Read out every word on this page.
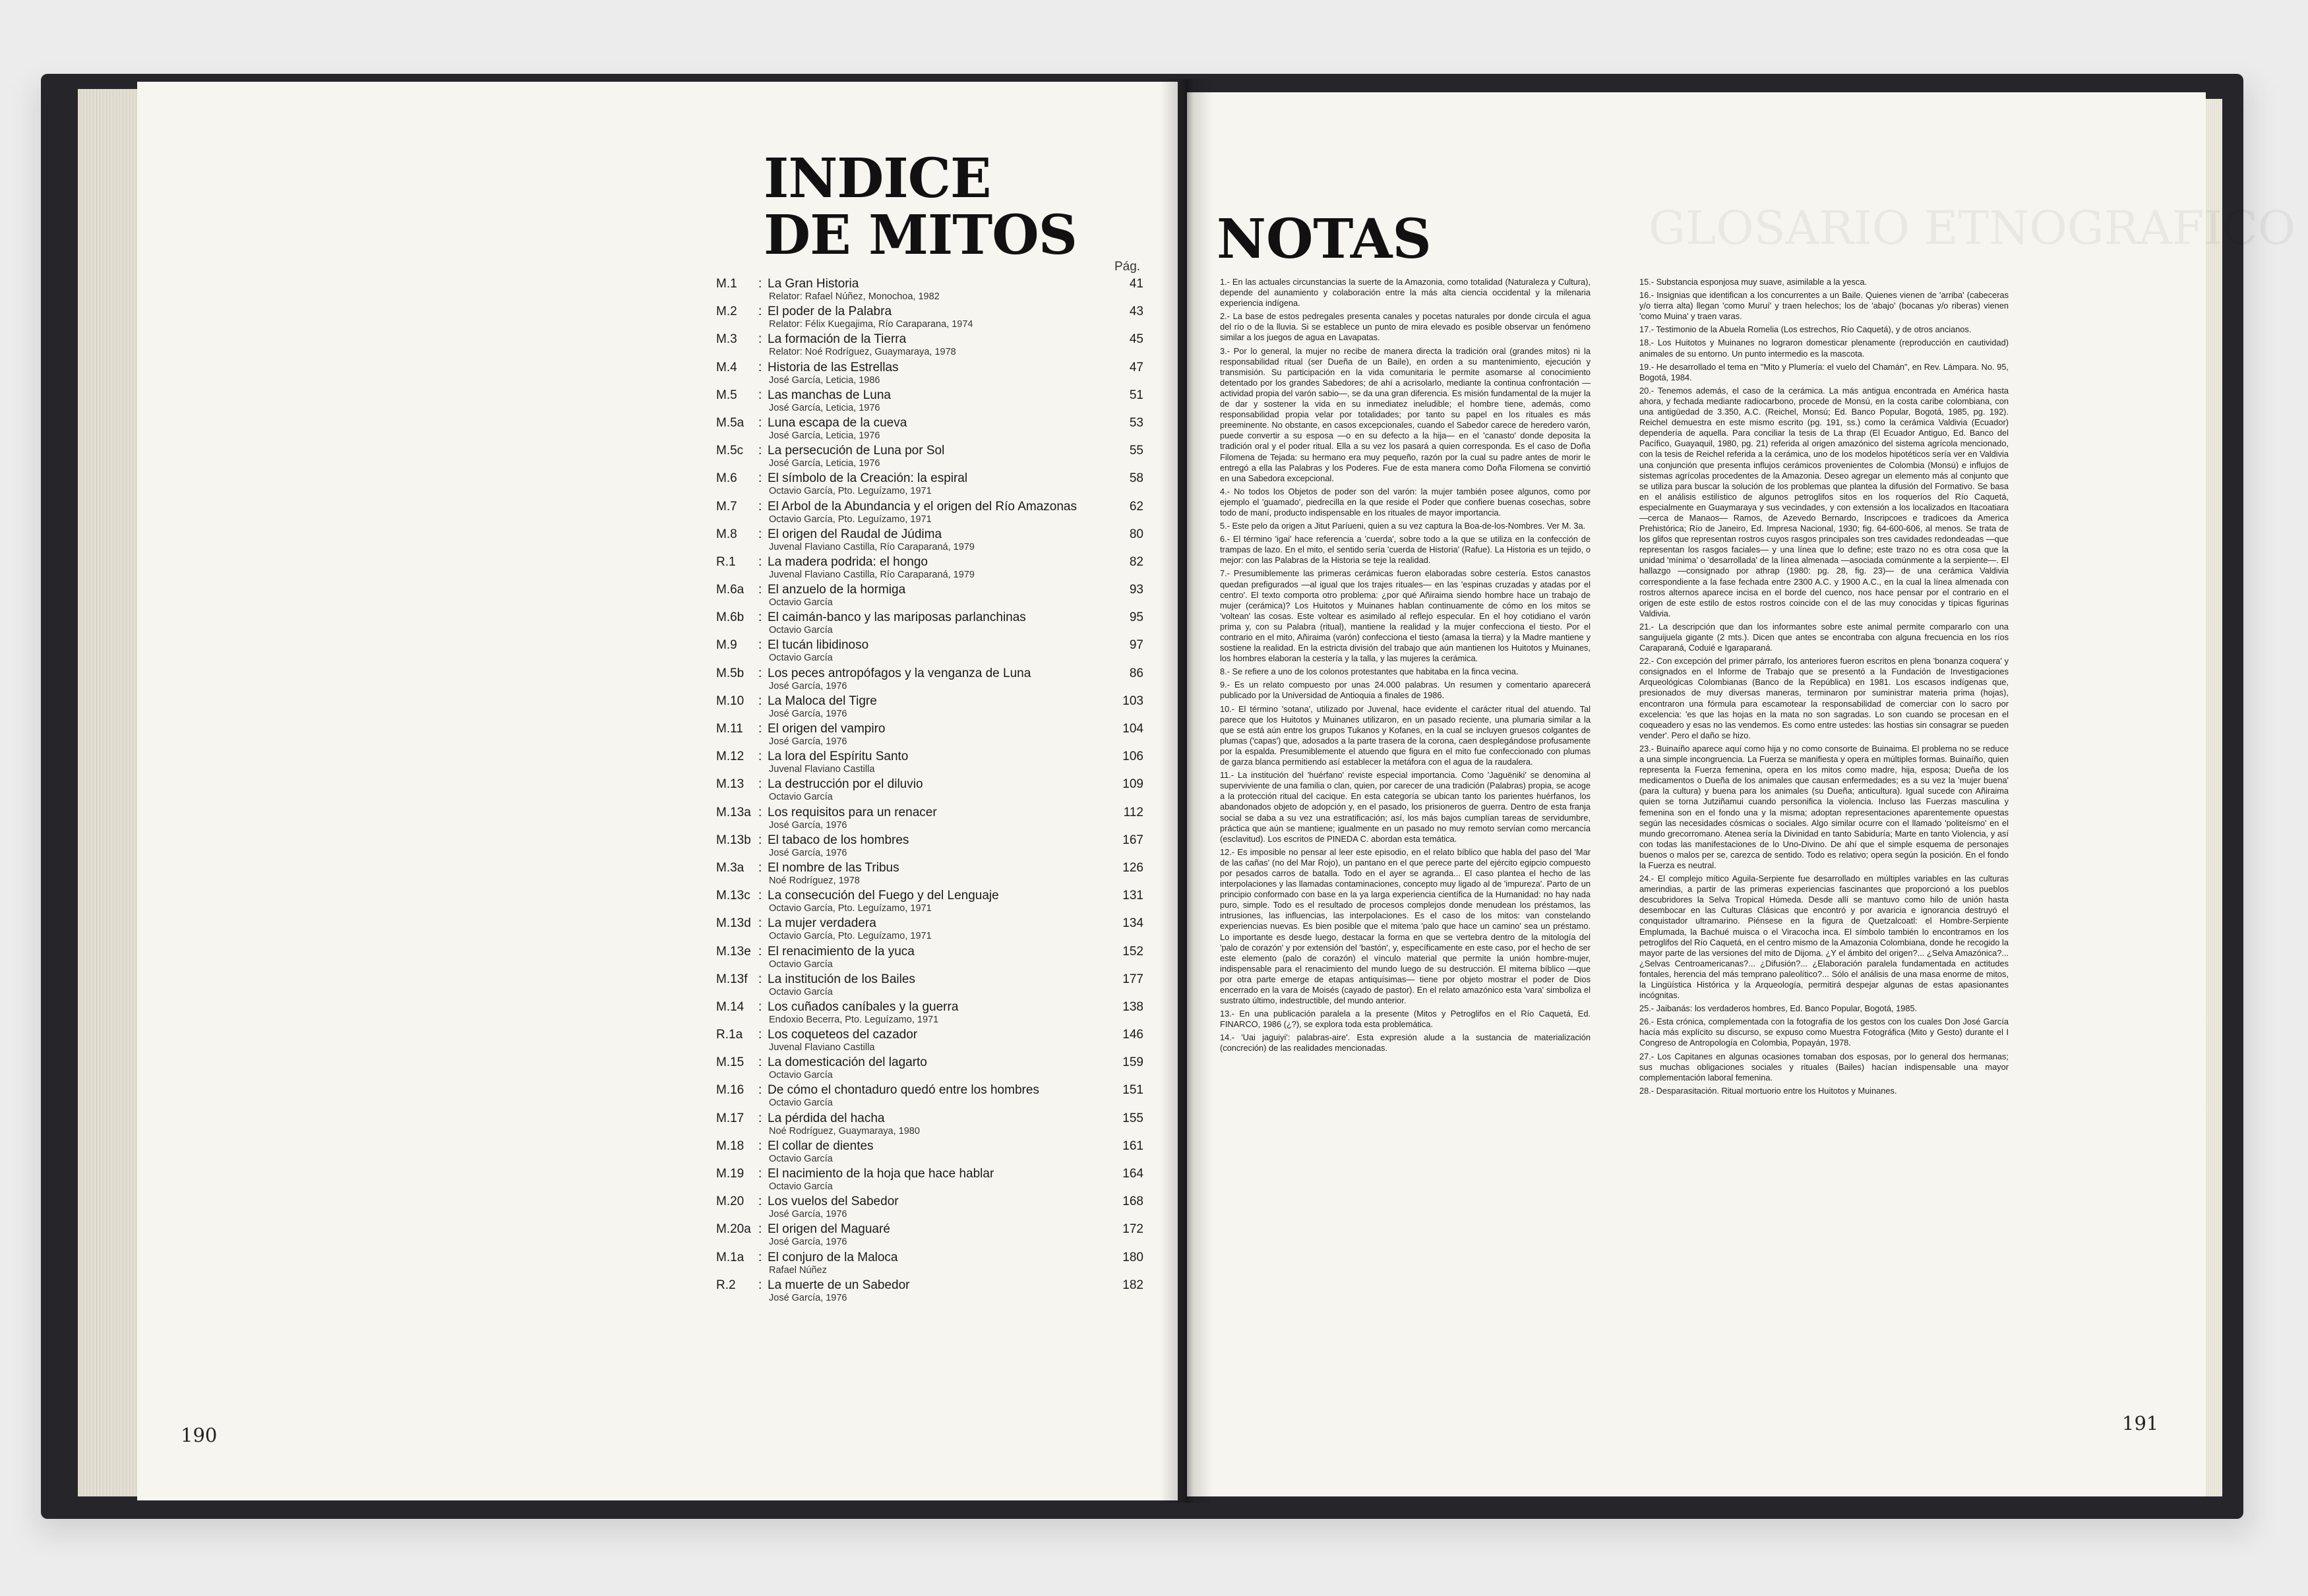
INDICE
DE MITOS	Pág.
:
M.1 La Gran Historia
Relator: Rafael Núñez, Monochoa, 1982
41
:
M.2 El poder de la Palabra
Relator: Félix Kuegajima, Río Caraparana, 1974
43
:
M.3 La formación de la Tierra
Relator: Noé Rodríguez, Guaymaraya, 1978
45
:
M.4 Historia de las Estrellas
José García, Leticia, 1986
47
:
M.5 Las manchas de Luna
José García, Leticia, 1976
51
:
M.5a Luna escapa de la cueva
José García, Leticia, 1976
53
:
M.5c La persecución de Luna por Sol
José García, Leticia, 1976
55
:
M.6 El símbolo de la Creación: la espiral
Octavio García, Pto. Leguízamo, 1971
58
:
M.7 El Arbol de la Abundancia y el origen del Río Amazonas
Octavio García, Pto. Leguízamo, 1971
62
:
M.8 El origen del Raudal de Júdima
Juvenal Flaviano Castilla, Río Caraparaná, 1979
80
:
R.1	La madera podrida: el hongo
Juvenal Flaviano Castilla, Río Caraparaná, 1979
82
:
M.6a El anzuelo de la hormiga
Octavio García
93
:
M.6b El caimán-banco y las mariposas parlanchinas
Octavio García
95
:
M.9 El tucán libidinoso
Octavio García
97
:
M.5b Los peces antropófagos y la venganza de Luna
José García, 1976
86
:
M.10 La Maloca del Tigre
José García, 1976
103
:
M.11 El origen del vampiro
José García, 1976
104
:
M.12 La lora del Espíritu Santo
Juvenal Flaviano Castilla
106
:
M.13 La destrucción por el diluvio
Octavio García
109
:
M.13a Los requisitos para un renacer
José García, 1976
112
:
M.13b El tabaco de los hombres
José García, 1976
167
:
M.3a El nombre de las Tribus
Noé Rodríguez, 1978
126
:
M.13c La consecución del Fuego y del Lenguaje
Octavio García, Pto. Leguízamo, 1971
131
:
M.13d La mujer verdadera
Octavio García, Pto. Leguízamo, 1971
134
:
M.13e El renacimiento de la yuca
Octavio García
152
:
M.13f La institución de los Bailes
Octavio García
177
:
M.14 Los cuñados caníbales y la guerra
Endoxio Becerra, Pto. Leguízamo, 1971
138
:
R.1a Los coqueteos del cazador
Juvenal Flaviano Castilla
146
:
M.15 La domesticación del lagarto
Octavio García
159
:
M.16 De cómo el chontaduro quedó entre los hombres
Octavio García
151
:
M.17 La pérdida del hacha
Noé Rodríguez, Guaymaraya, 1980
155
:
M.18 El collar de dientes
Octavio García
161
:
M.19 El nacimiento de la hoja que hace hablar
Octavio García
164
:
M.20 Los vuelos del Sabedor
José García, 1976
168
:
M.20a El origen del Maguaré
José García, 1976
172
:
M.1a El conjuro de la Maloca
Rafael Núñez
180
:
R.2	La muerte de un Sabedor
José García, 1976
182
190
GLOSARIO ETNOGRAFICO
NOTAS

1.- En las actuales circunstancias la suerte de la Amazonia, como totalidad (Naturaleza y Cultura), depende del aunamiento y colaboración entre la más alta ciencia occidental y la milenaria experiencia indígena.

2.- La base de estos pedregales presenta canales y pocetas naturales por donde circula el agua del río o de la lluvia. Si se establece un punto de mira elevado es posible observar un fenómeno similar a los juegos de agua en Lavapatas.

3.- Por lo general, la mujer no recibe de manera directa la tradición oral (grandes mitos) ni la responsabilidad ritual (ser Dueña de un Baile), en orden a su mantenimiento, ejecución y transmisión. Su participación en la vida comunitaria le permite asomarse al conocimiento detentado por los grandes Sabedores; de ahí a acrisolarlo, mediante la continua confrontación —actividad propia del varón sabio—, se da una gran diferencia. Es misión fundamental de la mujer la de dar y sostener la vida en su inmediatez ineludible; el hombre tiene, además, como responsabilidad propia velar por totalidades; por tanto su papel en los rituales es más preeminente. No obstante, en casos excepcionales, cuando el Sabedor carece de heredero varón, puede convertir a su esposa —o en su defecto a la hija— en el 'canasto' donde deposita la tradición oral y el poder ritual. Ella a su vez los pasará a quien corresponda. Es el caso de Doña Filomena de Tejada: su hermano era muy pequeño, razón por la cual su padre antes de morir le entregó a ella las Palabras y los Poderes. Fue de esta manera como Doña Filomena se convirtió en una Sabedora excepcional.

4.- No todos los Objetos de poder son del varón: la mujer también posee algunos, como por ejemplo el 'guamado', piedrecilla en la que reside el Poder que confiere buenas cosechas, sobre todo de maní, producto indispensable en los rituales de mayor importancia.

5.- Este pelo da origen a Jitut Paríueni, quien a su vez captura la Boa-de-los-Nombres. Ver M. 3a.

6.- El término 'igai' hace referencia a 'cuerda', sobre todo a la que se utiliza en la confección de trampas de lazo. En el mito, el sentido sería 'cuerda de Historia' (Rafue). La Historia es un tejido, o mejor: con las Palabras de la Historia se teje la realidad.

7.- Presumiblemente las primeras cerámicas fueron elaboradas sobre cestería. Estos canastos quedan prefigurados —al igual que los trajes rituales— en las 'espinas cruzadas y atadas por el centro'. El texto comporta otro problema: ¿por qué Añiraima siendo hombre hace un trabajo de mujer (cerámica)? Los Huitotos y Muinanes hablan continuamente de cómo en los mitos se 'voltean' las cosas. Este voltear es asimilado al reflejo especular. En el hoy cotidiano el varón prima y, con su Palabra (ritual), mantiene la realidad y la mujer confecciona el tiesto. Por el contrario en el mito, Añiraima (varón) confecciona el tiesto (amasa la tierra) y la Madre mantiene y sostiene la realidad. En la estricta división del trabajo que aún mantienen los Huitotos y Muinanes, los hombres elaboran la cestería y la talla, y las mujeres la cerámica.

8.- Se refiere a uno de los colonos protestantes que habitaba en la finca vecina.

9.- Es un relato compuesto por unas 24.000 palabras. Un resumen y comentario aparecerá publicado por la Universidad de Antioquia a finales de 1986.

10.- El término 'sotana', utilizado por Juvenal, hace evidente el carácter ritual del atuendo. Tal parece que los Huitotos y Muinanes utilizaron, en un pasado reciente, una plumaria similar a la que se está aún entre los grupos Tukanos y Kofanes, en la cual se incluyen gruesos colgantes de plumas ('capas') que, adosados a la parte trasera de la corona, caen desplegándose profusamente por la espalda. Presumiblemente el atuendo que figura en el mito fue confeccionado con plumas de garza blanca permitiendo así establecer la metáfora con el agua de la raudalera.

11.- La institución del 'huérfano' reviste especial importancia. Como 'Jaguëniki' se denomina al superviviente de una familia o clan, quien, por carecer de una tradición (Palabras) propia, se acoge a la protección ritual del cacique. En esta categoría se ubican tanto los parientes huérfanos, los abandonados objeto de adopción y, en el pasado, los prisioneros de guerra. Dentro de esta franja social se daba a su vez una estratificación; así, los más bajos cumplían tareas de servidumbre, práctica que aún se mantiene; igualmente en un pasado no muy remoto servían como mercancía (esclavitud). Los escritos de PINEDA C. abordan esta temática.

12.- Es imposible no pensar al leer este episodio, en el relato bíblico que habla del paso del 'Mar de las cañas' (no del Mar Rojo), un pantano en el que perece parte del ejército egipcio compuesto por pesados carros de batalla. Todo en el ayer se agranda... El caso plantea el hecho de las interpolaciones y las llamadas contaminaciones, concepto muy ligado al de 'impureza'. Parto de un principio conformado con base en la ya larga experiencia científica de la Humanidad: no hay nada puro, simple. Todo es el resultado de procesos complejos donde menudean los préstamos, las intrusiones, las influencias, las interpolaciones. Es el caso de los mitos: van constelando experiencias nuevas. Es bien posible que el mitema 'palo que hace un camino' sea un préstamo. Lo importante es desde luego, destacar la forma en que se vertebra dentro de la mitología del 'palo de corazón' y por extensión del 'bastón', y, específicamente en este caso, por el hecho de ser este elemento (palo de corazón) el vínculo material que permite la unión hombre-mujer, indispensable para el renacimiento del mundo luego de su destrucción. El mitema bíblico —que por otra parte emerge de etapas antiquísimas— tiene por objeto mostrar el poder de Dios encerrado en la vara de Moisés (cayado de pastor). En el relato amazónico esta 'vara' simboliza el sustrato último, indestructible, del mundo anterior.

13.- En una publicación paralela a la presente (Mitos y Petroglifos en el Río Caquetá, Ed. FINARCO, 1986 (¿?), se explora toda esta problemática.

14.- 'Uai jaguiyi': palabras-aire'. Esta expresión alude a la sustancia de materialización (concreción) de las realidades mencionadas.

15.- Substancia esponjosa muy suave, asimilable a la yesca.

16.- Insignias que identifican a los concurrentes a un Baile. Quienes vienen de 'arriba' (cabeceras y/o tierra alta) llegan 'como Muruí' y traen helechos; los de 'abajo' (bocanas y/o riberas) vienen 'como Muina' y traen varas.

17.- Testimonio de la Abuela Romelia (Los estrechos, Río Caquetá), y de otros ancianos.

18.- Los Huitotos y Muinanes no lograron domesticar plenamente (reproducción en cautividad) animales de su entorno. Un punto intermedio es la mascota.

19.- He desarrollado el tema en "Mito y Plumería: el vuelo del Chamán", en Rev. Lámpara. No. 95, Bogotá, 1984.

20.- Tenemos además, el caso de la cerámica. La más antigua encontrada en América hasta ahora, y fechada mediante radiocarbono, procede de Monsú, en la costa caribe colombiana, con una antigüedad de 3.350, A.C. (Reichel, Monsú; Ed. Banco Popular, Bogotá, 1985, pg. 192). Reichel demuestra en este mismo escrito (pg. 191, ss.) como la cerámica Valdivia (Ecuador) dependería de aquella. Para conciliar la tesis de La thrap (El Ecuador Antiguo, Ed. Banco del Pacífico, Guayaquil, 1980, pg. 21) referida al origen amazónico del sistema agrícola mencionado, con la tesis de Reichel referida a la cerámica, uno de los modelos hipotéticos sería ver en Valdivia una conjunción que presenta influjos cerámicos provenientes de Colombia (Monsú) e influjos de sistemas agrícolas procedentes de la Amazonia. Deseo agregar un elemento más al conjunto que se utiliza para buscar la solución de los problemas que plantea la difusión del Formativo. Se basa en el análisis estilístico de algunos petroglifos sitos en los roqueríos del Río Caquetá, especialmente en Guaymaraya y sus vecindades, y con extensión a los localizados en Itacoatiara —cerca de Manaos— Ramos, de Azevedo Bernardo, Inscripcoes e tradicoes da America Prehistórica; Río de Janeiro, Ed. Impresa Nacional, 1930; fig. 64-600-606, al menos. Se trata de los glifos que representan rostros cuyos rasgos principales son tres cavidades redondeadas —que representan los rasgos faciales— y una línea que lo define; este trazo no es otra cosa que la unidad 'mínima' o 'desarrollada' de la línea almenada —asociada comúnmente a la serpiente—. El hallazgo —consignado por athrap (1980: pg. 28, fig. 23)— de una cerámica Valdivia correspondiente a la fase fechada entre 2300 A.C. y 1900 A.C., en la cual la línea almenada con rostros alternos aparece incisa en el borde del cuenco, nos hace pensar por el contrario en el origen de este estilo de estos rostros coincide con el de las muy conocidas y típicas figurinas Valdivia.

21.- La descripción que dan los informantes sobre este animal permite compararlo con una sanguijuela gigante (2 mts.). Dicen que antes se encontraba con alguna frecuencia en los ríos Caraparaná, Coduié e Igaraparaná.

22.- Con excepción del primer párrafo, los anteriores fueron escritos en plena 'bonanza coquera' y consignados en el Informe de Trabajo que se presentó a la Fundación de Investigaciones Arqueológicas Colombianas (Banco de la República) en 1981. Los escasos indígenas que, presionados de muy diversas maneras, terminaron por suministrar materia prima (hojas), encontraron una fórmula para escamotear la responsabilidad de comerciar con lo sacro por excelencia: 'es que las hojas en la mata no son sagradas. Lo son cuando se procesan en el coqueadero y esas no las vendemos. Es como entre ustedes: las hostias sin consagrar se pueden vender'. Pero el daño se hizo.

23.- Buinaíño aparece aquí como hija y no como consorte de Buinaima. El problema no se reduce a una simple incongruencia. La Fuerza se manifiesta y opera en múltiples formas. Buinaíño, quien representa la Fuerza femenina, opera en los mitos como madre, hija, esposa; Dueña de los medicamentos o Dueña de los animales que causan enfermedades; es a su vez la 'mujer buena' (para la cultura) y buena para los animales (su Dueña; anticultura). Igual sucede con Añiraima quien se torna Jutziñamui cuando personifica la violencia. Incluso las Fuerzas masculina y femenina son en el fondo una y la misma; adoptan representaciones aparentemente opuestas según las necesidades cósmicas o sociales. Algo similar ocurre con el llamado 'politeísmo' en el mundo grecorromano. Atenea sería la Divinidad en tanto Sabiduría; Marte en tanto Violencia, y así con todas las manifestaciones de lo Uno-Divino. De ahí que el simple esquema de personajes buenos o malos per se, carezca de sentido. Todo es relativo; opera según la posición. En el fondo la Fuerza es neutral.

24.- El complejo mítico Aguila-Serpiente fue desarrollado en múltiples variables en las culturas amerindias, a partir de las primeras experiencias fascinantes que proporcionó a los pueblos descubridores la Selva Tropical Húmeda. Desde allí se mantuvo como hilo de unión hasta desembocar en las Culturas Clásicas que encontró y por avaricia e ignorancia destruyó el conquistador ultramarino. Piénsese en la figura de Quetzalcoatl: el Hombre-Serpiente Emplumada, la Bachué muisca o el Viracocha inca. El símbolo también lo encontramos en los petroglifos del Río Caquetá, en el centro mismo de la Amazonia Colombiana, donde he recogido la mayor parte de las versiones del mito de Dijoma. ¿Y el ámbito del origen?... ¿Selva Amazónica?... ¿Selvas Centroamericanas?... ¿Difusión?... ¿Elaboración paralela fundamentada en actitudes fontales, herencia del más temprano paleolítico?... Sólo el análisis de una masa enorme de mitos, la Lingüística Histórica y la Arqueología, permitirá despejar algunas de estas apasionantes incógnitas.

25.- Jaibanás: los verdaderos hombres, Ed. Banco Popular, Bogotá, 1985.

26.- Esta crónica, complementada con la fotografía de los gestos con los cuales Don José García hacía más explícito su discurso, se expuso como Muestra Fotográfica (Mito y Gesto) durante el I Congreso de Antropología en Colombia, Popayán, 1978.

27.- Los Capitanes en algunas ocasiones tomaban dos esposas, por lo general dos hermanas; sus muchas obligaciones sociales y rituales (Bailes) hacían indispensable una mayor complementación laboral femenina.

28.- Desparasitación. Ritual mortuorio entre los Huitotos y Muinanes.

191
